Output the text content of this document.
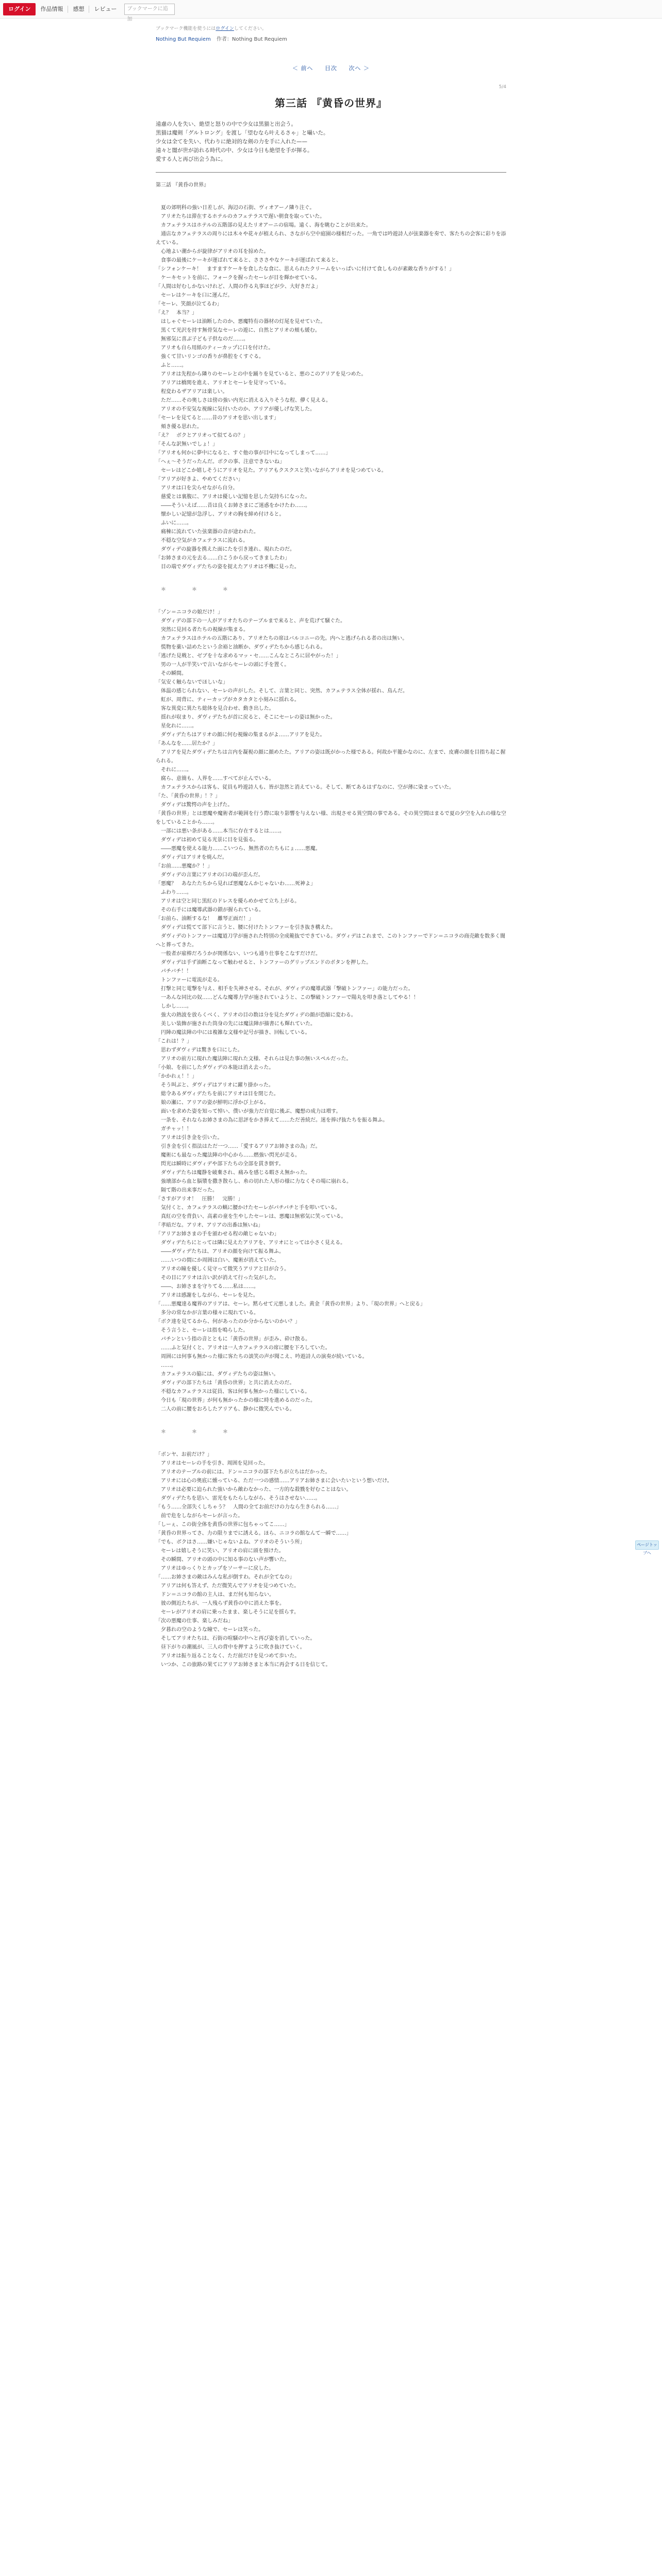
ログイン	作品情報	感想	レビュー	ブックマークに追加
ブックマーク機能を使うにはログインしてください。
Nothing But Requiem 作者：Nothing But Requiem
＜ 前へ 目次 次へ ＞
5/4
第三話 『黄昏の世界』

遠慮の人を失い、絶望と怒りの中で少女は黒猫と出会う。

黒猫は魔剣「グルトロング」を渡し「望むなら叶えるさゃ」と囁いた。

少女は全てを失い、代わりに絶対的な剣の力を手に入れた——

遠々と闇が世が訪れる時代の中、少女は今日も絶望を手が揮る。

愛する人と再び出会う為に。

第三話 『黄昏の世界』

　夏の郊明科の強い日差しが、海辺の石街、ヴィオアーノ隣り注ぐ。

　アリオたちは滞在するホテルのカフェテラスで遅い朝食を取っていた。

　カフェテラスはホテルの五階部の見えたリオアーニの宿場。遠く、海を眺むことが出来た。

　通店なカフェテラスの周りには木々や花々が植えられ、さながら空中庭園の様相だった。一角では吟遊詩人が弦楽器を奏で、客たちの会客に彩りを添えている。

　心地よい潮からが旋律がアリオの耳を掠めた。

　食事の最後にケーキが運ばれて来ると、さささやなケーキが運ばれて来ると、

「シフォンケーキ！　ますますケーキを食したな食に、思えられたクリームをいっぱいに付けて食しものが素敵な香りがする！」

　ケーキセットを前に、フォークを握ったセーレが目を輝かせている。

「人間は好むしかないけれど、人間の作る丸事ほどが少、大好きだよ」

　セーレはケーキを口に運んだ。

「セーレ、笑顔が泣てるわ」

「え？　本当？」

　はしゃぐセーレは油断したのか、悪魔特有の器材の灯尾を見せていた。

　黒くて光沢を持す無骨気なセーレの遊に、自然とアリオの頬も緩む。

　無邪気に喜ぶ子ども子供なのだ……。

　アリオも自ら用紙のティーカップに口を付けた。

　強くて甘いリンゴの香りが鼻腔をくすぐる。

　ふと……。

　アリオは先程から隣りのセーレとの中を踊りを見ていると、悪のこのアリアを見つめた。

　アリアは橋関を進え、アリオとセーレを見守っている。

　程変わるザアリアは楽しい。

　ただ……その奥しさは傍の強い内光に消える入りそうな程、儚く見える。

　アリオの不安気な視線に気付いたのか、アリアが優しげな笑した。

「セーレを見てると……昔のアリオを思い出します」

　頬き優る思れた。

「え？　ボクとアリオって似てるの？」

「そんな訳無いでしょ！」

「アリオも何かに夢中になると、すぐ他の事が目中になってしまって……」

「へぇ～そうだったんだ。ボクの事、注意できないね」

　セーレはどこか嬉しそうにアリオを見た。アリアもクスクスと笑いながらアリオを見つめている。

「アリアが好きよ、やめてください」

　アリオは口を尖らせながら自分。

　慈愛とは裏腹に、アリオは優しい記憶を思した気持ちになった。

　――そういえば……昔は良くお姉さまにご迷惑をかけたわ……。

　懐かしい記憶が急浮し、アリオの胸を締め付けると。

　ふいに……。

　痛棟に流れていた弦楽器の音が途われた。

　不穏な空気がカフェテラスに流れる。

　ダヴィデの旋器を携えた面にたを引き連れ、現れたのだ。

「お姉さまの元を去る……白こうから戻ってきましたわ」

　目の端でダヴィデたちの姿を捉えたアリオは不機に見った。

＊　＊　＊

「ゾン＝ニコラの娘だけ！」

　ダヴィデの部下の一人がアリオたちのテーブルまで来ると、声を荒げて騒ぐた。

　突然に見回る者たちの視線が集まる。

　カフェテラスはホテルの五階にあり、アリオたちの席はバルコニーの先。内へと逃げられる者の出は無い。

　慌物を薬い詰めたという余裕と油断か、ダヴィデたちから感じられる。

「逃げた見戦と、ゼブを十な求めるマッ・セ……こんなところに居やがった！」

　男の一人が半笑いで言いながらセーレの頭に手を置く。

　その瞬間。

「気安く触らないでほしいな」

　体温の感じられない、セーレの声がした。そして、言葉と同じ、突然、カフェテラス全体が揺れ、鳥んだ。

　虹が、周背に、ティーカップがカタカタと小刻みに揺れる。

　客な異変に異たち総体を見合わせ、動き出した。

　揺れが収まり、ダヴィデたちが首に戻ると、そこにセーレの姿は無かった。

　星化れに……。

　ダヴィデたちはアリオの顔に何む視線の集まるがよ……アリアを見た。

「あんなを……居たか？」

　アリアを見たダヴィデたちは言内を凝視の顔に顔めたた。アリアの姿は既がかった様である。何故か平籠かなのに、左まで、皮膚の顔を目指ち起こ握られる。

　それに……。

　腐ら、意簡も、人界を……すべてが止んでいる。

　カフェテラスからは客も、従員も吟遊詩人も、皆が忽然と消えている。そして、断てあるはずなのに、空が薄に染まっていた。

「た、「黄昏の世界」！？」

　ダヴィデは驚愕の声を上げた。

「黄昏の世界」とは悪魔や魔術者が範囲を行う際に取り影響を与えない様、出現させる異空間の事である。その異空間はまるで夏の夕空を入れの様な空をしていることから……。

　一部には悪い条がある……本当に存在するとは……。

　ダヴィデは初めて見る光景に目を見張る。

　――悪魔を使える能力……こいつら、無然者のたちもにょ……悪魔。

　ダヴィデはアリオを焼んだ。

「お前……悪魔か？！」

　ダヴィデの言葉にアリオの口の端が歪んだ。

「悪魔？　あなたたちから見れば悪魔なんかじゃないわ……死神よ」

　ふわり……。

　アリオは空と同じ黒紅のドレスを優らめかせて立ち上がる。

　その右手には魔導武器の鎖が握られている。

「お前ら、油断するな！　離琴正面だ！」

　ダヴィデは慌てて部下に言うと、腰に付けたトンファーを引き抜き構えた。

　ダヴィデのトンファーは魔道刀学が施された特別の全成範抜でできている。ダヴィデはこれまで、このトンファーでドン＝ニコラの商売敵を数多く闇へと葬ってきた。

　一般者が雇棒だろうかが関係ない、いつも通り仕事をこなすだけだ。

　ダヴィデは手ず油断こなって触わせると、トンファーのグリップエンドのボタンを押した。

　パチバチ！！

　トンファーに電流が走る。

　打撃と同じ電撃を与え、相手を失神させる。それが、ダヴィデの魔導武器「撃破トンファー」の能力だった。

　一あんな同比の奴……どんな魔導力学が施されていようと、この撃破トンファーで陽丸を叩き落としてやる！！

　しかし……。

　強大の熱波を放らくべく、アリオの目の数は分を見たダヴィデの顔が恐縮に変わる。

　美しい装飾が施された筒身の先には魔法陣が描書にも輝れていた。

　円陣の魔法陣の中には複雑な文様や記号が描き、回転している。

「これは！？」

　思わずダヴィデは驚きを口にした。

　アリオの前方に現れた魔法陣に現れた文様、それらは見た事の無いスペルだった。

「小娘、を前にしたダヴィデの本能は消え去った。

「かかれぇ！！」

　そう叫ぶと、ダヴィデはアリオに躍り掛かった。

　総令あるダヴィデたちを前にアリオは目を閉じた。

　娘の瀬に、アリアの姿が鮮明に浮かび上がる。

　面いを求めた姿を知って悼い、僕いが強力だ自覚に後ぶ、魔想の成力は増す。

　一条を、それならお姉さまの為に思評をかき捧えて……ただ善続だ。迷を捧げ抜たちを振る舞ふ。

　ガチャッ！！

　アリオは引き金を引いた。

　引き金を引く指法はただ一つ……「愛するアリアお姉さまの為」だ。

　魔術にも最なった魔法陣の中心から……燃強い閃光が走る。

　閃光は瞬時にダヴィデや部下たちの全部を貫き倒す。

　ダヴィデたちは魔静を破棄され、痛みを感じる暇さえ無かった。

　強壊部から血と脳漿を撒き散らし、糸の切れた人形の様に力なくその場に崩れる。

　隔て階の出来事だった。

「さすがアリオ！　圧勝！　完勝！」

　気付くと、カフェテラスの蝋に腰かけたセーレがパチパチと手を叩いている。

　真紅の空を背負い、高素の童を生やしたセーレは、悪魔は無邪気に笑っている。

「孝暗だな。アリオ、アリアの出番は無いね」

「アリアお姉さまの手を頒わせる程の敵じゃないわ」

　ダヴィデたちにとっては隣に見えたアリアを、アリオにとっては小さく見える。

　――ダヴィデたちは、アリオの顔を向けて振る舞ふ。

　……いつの間にか周囲は白い、魔術が消えていた。

　アリオの瞳を優しく見守って微笑うアリアと目が合う。

　その目にアリオは言い訳が消えて行った気がした。

　――、お姉さまを守りてる……私は……。

　アリオは感謝をしながら、セーレを見た。

「……悪魔達る魔界のアリアは、セーレ。黙らせて元悪しました。黄金「黄昏の世界」より、「現の世界」へと戻る」

　多分の常なかが言葉の様々に現れている。

「ボク達を見てるから、何があったのか分からないのかい？」

　そう言うと、セーレは指を鳴らした。

　パチンという指の音とともに「黄昏の世界」が歪み、砕け散る。

　……ふと気付くと、アリオは一人カフェテラスの席に腰を下ろしていた。

　周囲には何事も無かった様に客たちの談笑の声が聞こえ、吟遊詩人の演奏が続いている。

　……。

　カフェテラスの脇には、ダヴィデたちの姿は無い。

　ダヴィデの部下たちは「黄昏の世界」と共に消えたのだ。

　不穏なカフェテラスは従員、客は何事も無かった様にしている。

　今日も「現の世界」が何も無かったかの様に時を進めるのだった。

　二人の前に腰をおろしたアリアも、静かに微笑んでいる。

＊　＊　＊

「ボンヤ、お前だけ？」

　アリオはセーレの手を引き、周囲を見回った。

　アリオのテーブルの前には、ドン＝ニコラの部下たちが立ちはだかった。

　アリオには心の奥底に燻っている、ただ一つの感情……アリアお姉さまに会いたいという想いだけ。

　アリオは必要に迫られた強いから敵わなかった、一方的な殺戮を好むことはない。

　ダヴィデたちを思い、雷光をもたらしながら、そうはさせない……。

「もう……全部失くしちゃう？　人間の全てお前だけの力なら生きられる……」

　前で危をしながらセーレが言った。

「しーぇ、この街全体を黄昏の世界に包ちゃってこ……」

「黄昏の世界ってさ、力の限りまでに誘える。ほら、ニコラの館なんて一瞬で……」

「でも、ボクはさ……嫌いじゃないよね、アリオのそういう所」

　セーレは嬉しそうに笑い、アリオの肩に頭を預けた。

　その瞬間、アリオの頭の中に知る事のない声が響いた。

　アリオはゆっくりとカップをソーサーに戻した。

「……お姉さまの敵はみんな私が倒すわ。それが全てなの」

　アリアは何も答えず、ただ微笑んでアリオを見つめていた。

　ドン＝ニコラの館の主人は、まだ何も知らない。

　彼の側近たちが、一人残らず黄昏の中に消えた事を。

　セーレがアリオの肩に乗ったまま、楽しそうに足を揺らす。

「次の悪魔の仕事、楽しみだね」

　夕暮れの空のような瞳で、セーレは笑った。

　そしてアリオたちは、石街の喧騒の中へと再び姿を消していった。

　昼下がりの潮風が、三人の背中を押すように吹き抜けていく。

　アリオは振り返ることなく、ただ前だけを見つめて歩いた。

　いつか、この旅路の果てにアリアお姉さまと本当に再会する日を信じて。

ページトップへ
